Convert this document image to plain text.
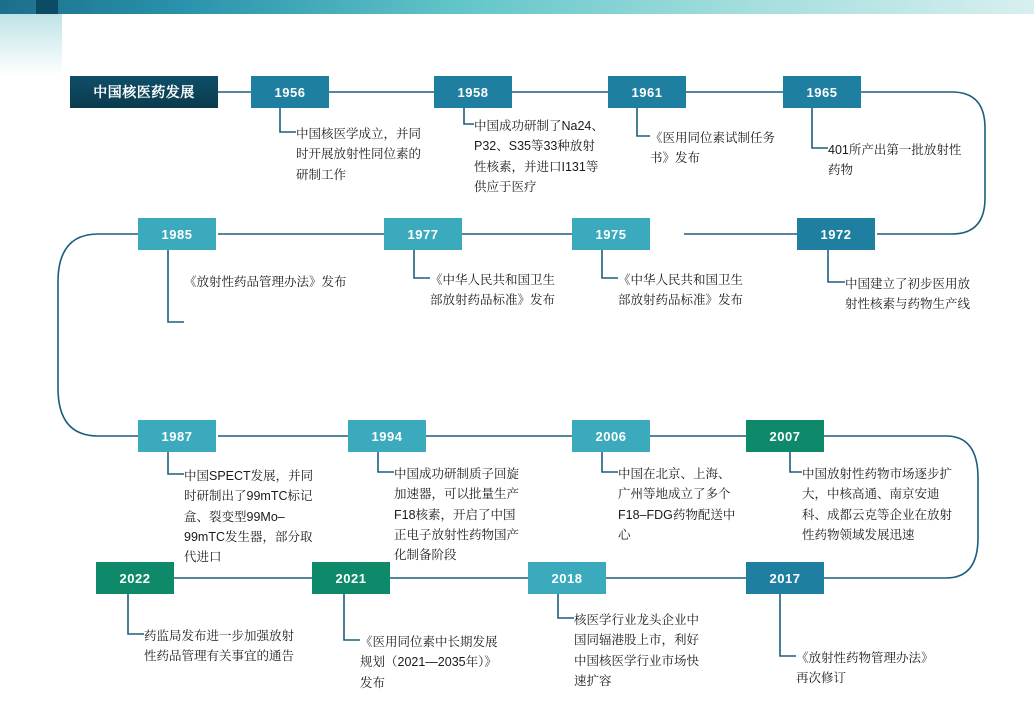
中国核医药发展	1956	1958	1961	1965
1972
1975
1977
1985
1987	1994	2006	2007
2017
2018
2021
2022
中国核医学成立，并同时开展放射性同位素的研制工作
中国成功研制了Na24、P32、S35等33种放射性核素，并进口I131等供应于医疗
《医用同位素试制任务书》发布
401所产出第一批放射性药物
中国建立了初步医用放射性核素与药物生产线
《中华人民共和国卫生部放射药品标准》发布
《中华人民共和国卫生部放射药品标准》发布
《放射性药品管理办法》发布
中国SPECT发展，并同时研制出了99mTC标记盒、裂变型99Mo–99mTC发生器，部分取代进口
中国成功研制质子回旋加速器，可以批量生产F18核素，开启了中国正电子放射性药物国产化制备阶段
中国在北京、上海、广州等地成立了多个F18–FDG药物配送中心
中国放射性药物市场逐步扩大，中核高通、南京安迪科、成都云克等企业在放射性药物领域发展迅速
《放射性药物管理办法》再次修订
核医学行业龙头企业中国同辐港股上市，利好中国核医学行业市场快速扩容
《医用同位素中长期发展规划（2021—2035年）》发布
药监局发布进一步加强放射性药品管理有关事宜的通告
